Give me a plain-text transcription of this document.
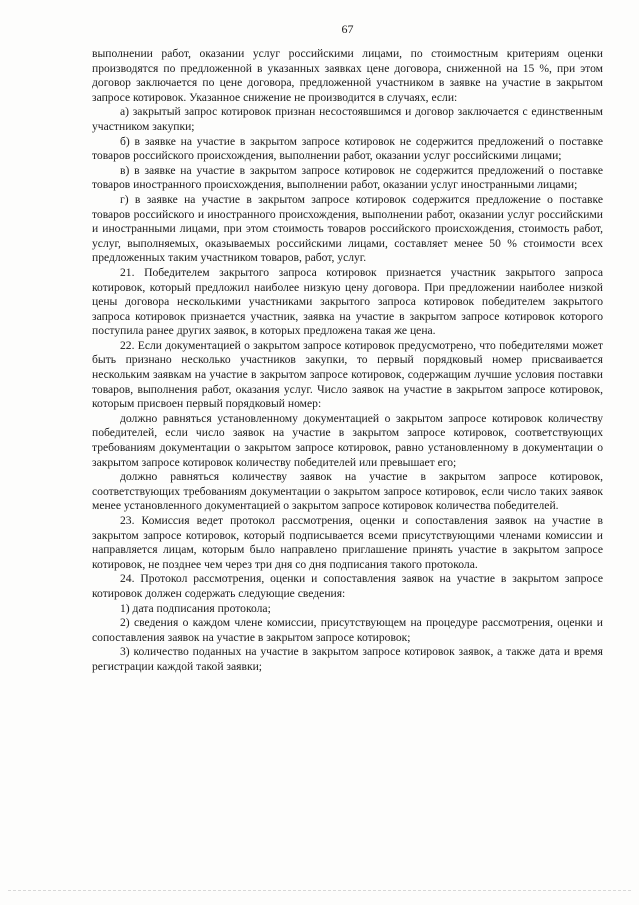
67

выполнении работ, оказании услуг российскими лицами, по стоимостным критериям оценки производятся по предложенной в указанных заявках цене договора, сниженной на 15 %, при этом договор заключается по цене договора, предложенной участником в заявке на участие в закрытом запросе котировок. Указанное снижение не производится в случаях, если:

а) закрытый запрос котировок признан несостоявшимся и договор заключается с единственным участником закупки;

б) в заявке на участие в закрытом запросе котировок не содержится предложений о поставке товаров российского происхождения, выполнении работ, оказании услуг российскими лицами;

в) в заявке на участие в закрытом запросе котировок не содержится предложений о поставке товаров иностранного происхождения, выполнении работ, оказании услуг иностранными лицами;

г) в заявке на участие в закрытом запросе котировок содержится предложение о поставке товаров российского и иностранного происхождения, выполнении работ, оказании услуг российскими и иностранными лицами, при этом стоимость товаров российского происхождения, стоимость работ, услуг, выполняемых, оказываемых российскими лицами, составляет менее 50 % стоимости всех предложенных таким участником товаров, работ, услуг.

21. Победителем закрытого запроса котировок признается участник закрытого запроса котировок, который предложил наиболее низкую цену договора. При предложении наиболее низкой цены договора несколькими участниками закрытого запроса котировок победителем закрытого запроса котировок признается участник, заявка на участие в закрытом запросе котировок которого поступила ранее других заявок, в которых предложена такая же цена.

22. Если документацией о закрытом запросе котировок предусмотрено, что победителями может быть признано несколько участников закупки, то первый порядковый номер присваивается нескольким заявкам на участие в закрытом запросе котировок, содержащим лучшие условия поставки товаров, выполнения работ, оказания услуг. Число заявок на участие в закрытом запросе котировок, которым присвоен первый порядковый номер:

должно равняться установленному документацией о закрытом запросе котировок количеству победителей, если число заявок на участие в закрытом запросе котировок, соответствующих требованиям документации о закрытом запросе котировок, равно установленному в документации о закрытом запросе котировок количеству победителей или превышает его;

должно равняться количеству заявок на участие в закрытом запросе котировок, соответствующих требованиям документации о закрытом запросе котировок, если число таких заявок менее установленного документацией о закрытом запросе котировок количества победителей.

23. Комиссия ведет протокол рассмотрения, оценки и сопоставления заявок на участие в закрытом запросе котировок, который подписывается всеми присутствующими членами комиссии и направляется лицам, которым было направлено приглашение принять участие в закрытом запросе котировок, не позднее чем через три дня со дня подписания такого протокола.

24. Протокол рассмотрения, оценки и сопоставления заявок на участие в закрытом запросе котировок должен содержать следующие сведения:

1) дата подписания протокола;

2) сведения о каждом члене комиссии, присутствующем на процедуре рассмотрения, оценки и сопоставления заявок на участие в закрытом запросе котировок;

3) количество поданных на участие в закрытом запросе котировок заявок, а также дата и время регистрации каждой такой заявки;
